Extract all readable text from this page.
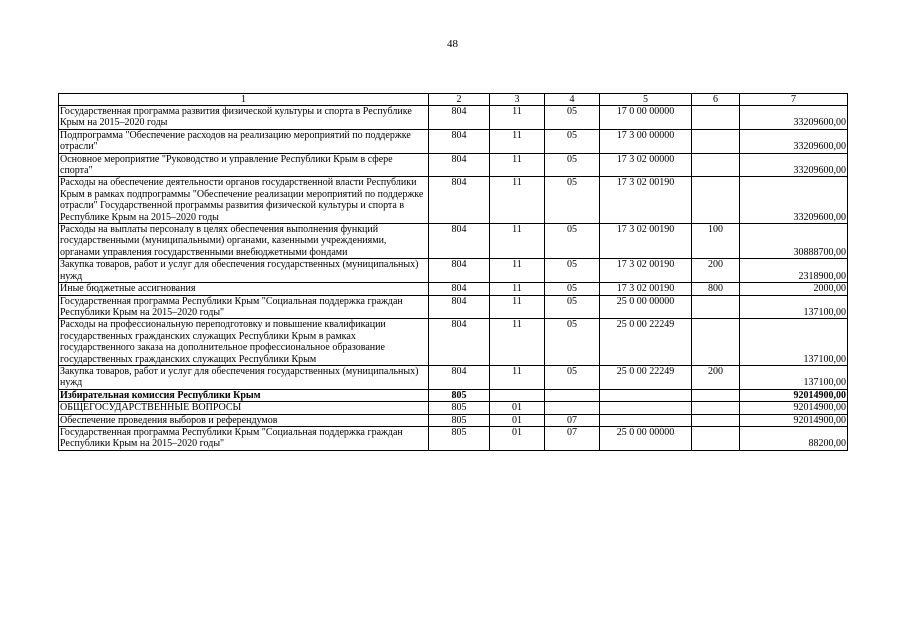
48
1	2	3	4	5	6	7
Государственная программа развития физической культуры и спорта в Республике Крым на 2015–2020 годы	804	11	05	17 0 00 00000		33209600,00
Подпрограмма "Обеспечение расходов на реализацию мероприятий по поддержке отрасли"	804	11	05	17 3 00 00000		33209600,00
Основное мероприятие "Руководство и управление Республики Крым в сфере спорта"	804	11	05	17 3 02 00000		33209600,00
Расходы на обеспечение деятельности органов государственной власти Республики Крым в рамках подпрограммы "Обеспечение реализации мероприятий по поддержке отрасли" Государственной программы развития физической культуры и спорта в Республике Крым на 2015–2020 годы	804	11	05	17 3 02 00190		33209600,00
Расходы на выплаты персоналу в целях обеспечения выполнения функций государственными (муниципальными) органами, казенными учреждениями, органами управления государственными внебюджетными фондами	804	11	05	17 3 02 00190	100	30888700,00
Закупка товаров, работ и услуг для обеспечения государственных (муниципальных) нужд	804	11	05	17 3 02 00190	200	2318900,00
Иные бюджетные ассигнования	804	11	05	17 3 02 00190	800	2000,00
Государственная программа Республики Крым "Социальная поддержка граждан Республики Крым на 2015–2020 годы"	804	11	05	25 0 00 00000		137100,00
Расходы на профессиональную переподготовку и повышение квалификации государственных гражданских служащих Республики Крым в рамках государственного заказа на дополнительное профессиональное образование государственных гражданских служащих Республики Крым	804	11	05	25 0 00 22249		137100,00
Закупка товаров, работ и услуг для обеспечения государственных (муниципальных) нужд	804	11	05	25 0 00 22249	200	137100,00
Избирательная комиссия Республики Крым	805					92014900,00
ОБЩЕГОСУДАРСТВЕННЫЕ ВОПРОСЫ	805	01				92014900,00
Обеспечение проведения выборов и референдумов	805	01	07			92014900,00
Государственная программа Республики Крым "Социальная поддержка граждан Республики Крым на 2015–2020 годы"	805	01	07	25 0 00 00000		88200,00
